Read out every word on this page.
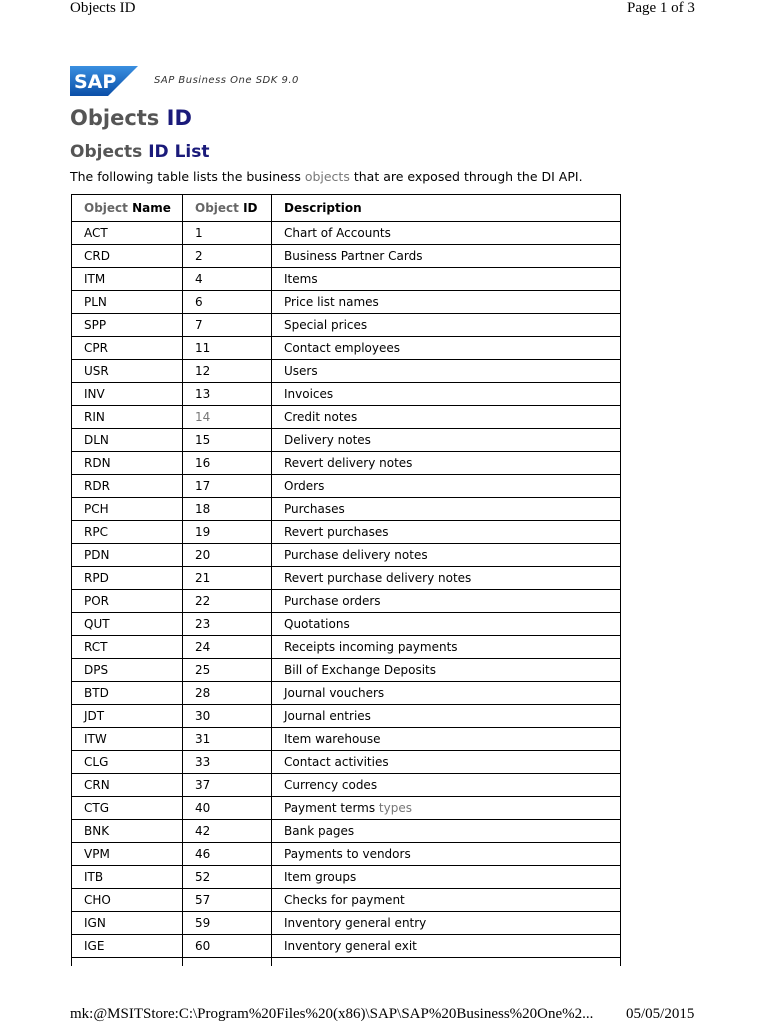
Objects ID	Page 1 of 3
SAP	SAP Business One SDK 9.0
Objects ID
Objects ID List

The following table lists the business objects that are exposed through the DI API.

Object Name	Object ID	Description
ACT	1	Chart of Accounts
CRD	2	Business Partner Cards
ITM	4	Items
PLN	6	Price list names
SPP	7	Special prices
CPR	11	Contact employees
USR	12	Users
INV	13	Invoices
RIN	14	Credit notes
DLN	15	Delivery notes
RDN	16	Revert delivery notes
RDR	17	Orders
PCH	18	Purchases
RPC	19	Revert purchases
PDN	20	Purchase delivery notes
RPD	21	Revert purchase delivery notes
POR	22	Purchase orders
QUT	23	Quotations
RCT	24	Receipts incoming payments
DPS	25	Bill of Exchange Deposits
BTD	28	Journal vouchers
JDT	30	Journal entries
ITW	31	Item warehouse
CLG	33	Contact activities
CRN	37	Currency codes
CTG	40	Payment terms types
BNK	42	Bank pages
VPM	46	Payments to vendors
ITB	52	Item groups
CHO	57	Checks for payment
IGN	59	Inventory general entry
IGE	60	Inventory general exit

mk:@MSITStore:C:\Program%20Files%20(x86)\SAP\SAP%20Business%20One%2...	05/05/2015
